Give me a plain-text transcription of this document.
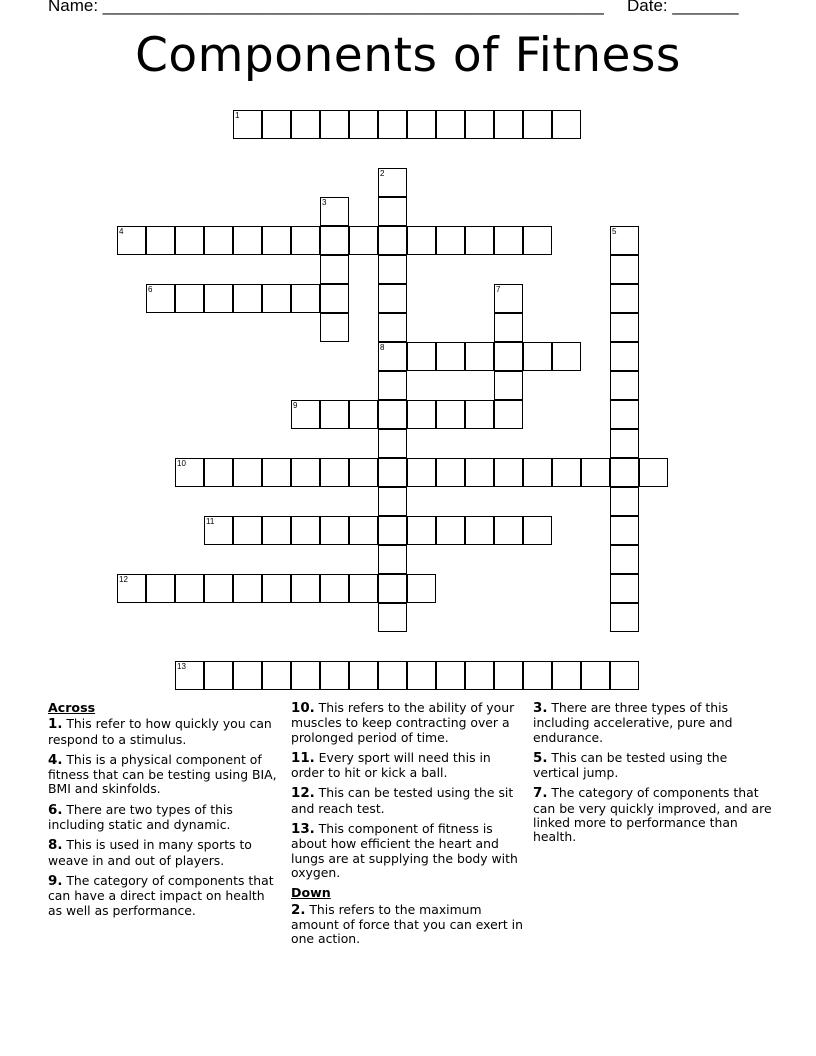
Name: _____________________________________________________ Date: _______
Components of Fitness
1
2
8
3
4	5
6	7
9
10
11
12
13
Across
1. This refer to how quickly you can respond to a stimulus.
4. This is a physical component of fitness that can be testing using BIA, BMI and skinfolds.
6. There are two types of this including static and dynamic.
8. This is used in many sports to weave in and out of players.
9. The category of components that can have a direct impact on health as well as performance.
10. This refers to the ability of your muscles to keep contracting over a prolonged period of time.
11. Every sport will need this in order to hit or kick a ball.
12. This can be tested using the sit and reach test.
13. This component of fitness is about how efficient the heart and lungs are at supplying the body with oxygen.
Down
2. This refers to the maximum amount of force that you can exert in one action.
3. There are three types of this including accelerative, pure and endurance.
5. This can be tested using the vertical jump.
7. The category of components that can be very quickly improved, and are linked more to performance than health.
